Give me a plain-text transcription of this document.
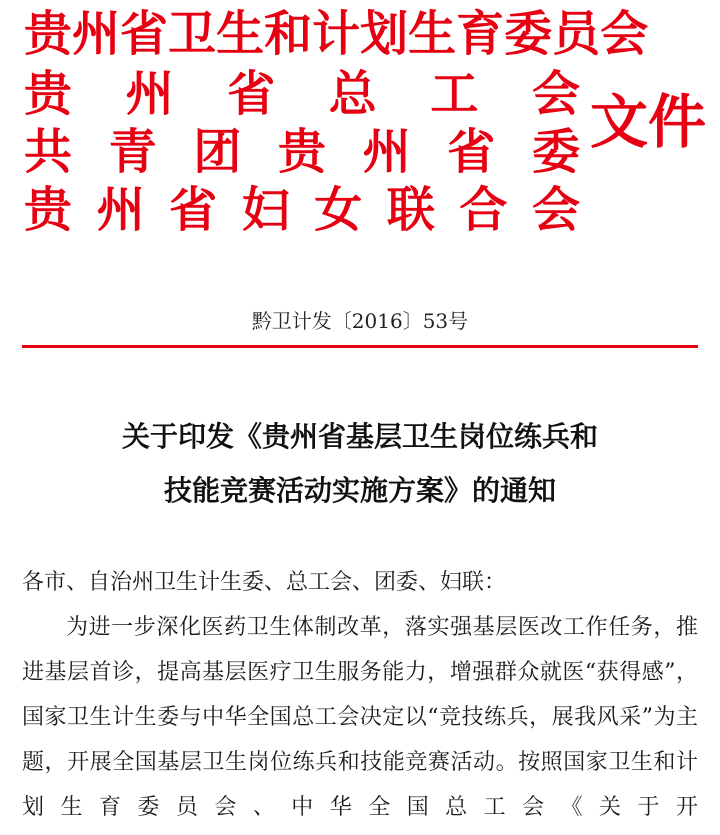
贵 州 省 卫 生 和 计 划 生 育 委 员 会
贵 州 省 总 工 会
共 青 团 贵 州 省 委
贵 州 省 妇 女 联 合 会
文件
黔卫计发〔2016〕53号
关于印发《贵州省基层卫生岗位练兵和
技能竞赛活动实施方案》的通知
各市、自治州卫生计生委、总工会、团委、妇联：
为进一步深化医药卫生体制改革，落实强基层医改工作任务，推进基层首诊，提高基层医疗卫生服务能力，增强群众就医“获得感”，国家卫生计生委与中华全国总工会决定以“竞技练兵，展我风采”为主题，开展全国基层卫生岗位练兵和技能竞赛活动。按照国家卫生和计划生育委员会、中华全国总工会《关于开
